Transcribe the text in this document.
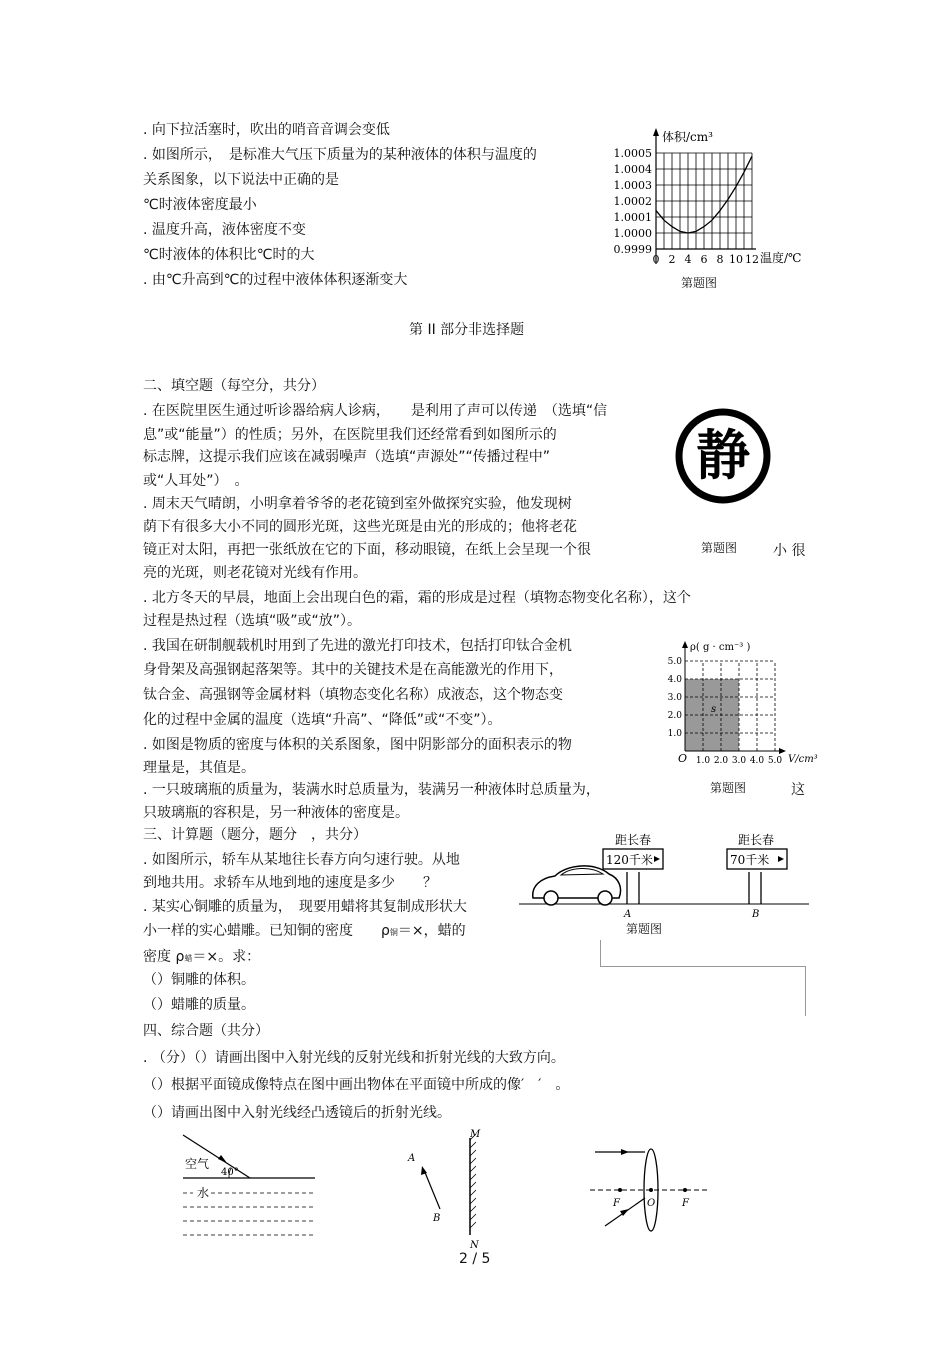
. 向下拉活塞时，吹出的哨音音调会变低
. 如图所示，　是标准大气压下质量为的某种液体的体积与温度的
关系图象，以下说法中正确的是
℃时液体密度最小
. 温度升高，液体密度不变
℃时液体的体积比℃时的大
. 由℃升高到℃的过程中液体体积逐渐变大
体积/cm³
0.9999
1.0000
1.0001
1.0002
1.0003
1.0004
1.0005
0 2 4 6 8 10 12 温度/℃
第题图
第 II 部分非选择题
二、填空题（每空分，共分）
. 在医院里医生通过听诊器给病人诊病，　　是利用了声可以传递　（选填“信
息”或“能量”）的性质；另外，在医院里我们还经常看到如图所示的
标志牌，这提示我们应该在减弱噪声（选填“声源处”“传播过程中”
或“人耳处”）　。
. 周末天气晴朗，小明拿着爷爷的老花镜到室外做探究实验，他发现树
荫下有很多大小不同的圆形光斑，这些光斑是由光的形成的；他将老花
镜正对太阳，再把一张纸放在它的下面，移动眼镜，在纸上会呈现一个很
亮的光斑，则老花镜对光线有作用。
. 北方冬天的早晨，地面上会出现白色的霜，霜的形成是过程（填物态物变化名称），这个
过程是热过程（选填“吸”或“放”）。
. 我国在研制舰载机时用到了先进的激光打印技术，包括打印钛合金机
身骨架及高强钢起落架等。其中的关键技术是在高能激光的作用下，
钛合金、高强钢等金属材料（填物态变化名称）成液态，这个物态变
化的过程中金属的温度（选填“升高”、“降低”或“不变”）。
. 如图是物质的密度与体积的关系图象，图中阴影部分的面积表示的物
理量是，其值是。
. 一只玻璃瓶的质量为，装满水时总质量为，装满另一种液体时总质量为，
只玻璃瓶的容积是，另一种液体的密度是。
静
第题图	小 很
ρ( g · cm⁻³ )
V/cm³
O
1.0
2.0
3.0
4.0
5.0
1.0 2.0 3.0 4.0 5.0
s
第题图	这
三、计算题（题分，题分　，共分）
. 如图所示，轿车从某地往长春方向匀速行驶。从地
到地共用。求轿车从地到地的速度是多少　　？
. 某实心铜雕的质量为，　现要用蜡将其复制成形状大
小一样的实心蜡雕。已知铜的密度　　ρ铜＝×，蜡的
密度 ρ蜡＝×。求：
（）铜雕的体积。
（）蜡雕的质量。
距长春
120千米
距长春
70千米
A	B
第题图
四、综合题（共分）
. （分）（）请画出图中入射光线的反射光线和折射光线的大致方向。
（）根据平面镜成像特点在图中画出物体在平面镜中所成的像′　′　。
（）请画出图中入射光线经凸透镜后的折射光线。
空气
40°
水
M
N
A
B
F	O	F
2 / 5
